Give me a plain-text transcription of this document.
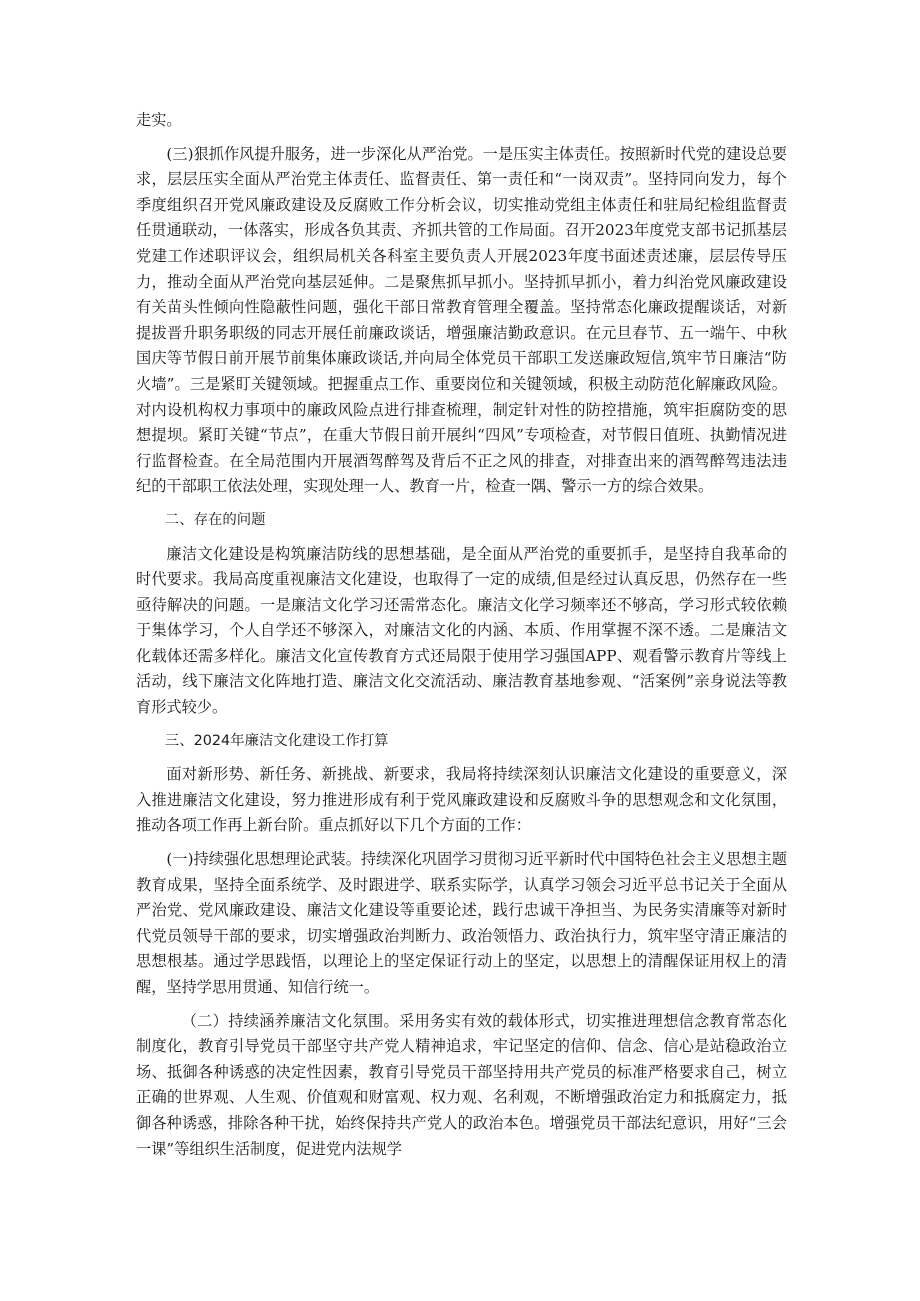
走实。

(三)狠抓作风提升服务，进一步深化从严治党。一是压实主体责任。按照新时代党的建设总要求，层层压实全面从严治党主体责任、监督责任、第一责任和“一岗双责”。坚持同向发力，每个季度组织召开党风廉政建设及反腐败工作分析会议，切实推动党组主体责任和驻局纪检组监督责任贯通联动，一体落实，形成各负其责、齐抓共管的工作局面。召开2023年度党支部书记抓基层党建工作述职评议会，组织局机关各科室主要负责人开展2023年度书面述责述廉，层层传导压力，推动全面从严治党向基层延伸。二是聚焦抓早抓小。坚持抓早抓小，着力纠治党风廉政建设有关苗头性倾向性隐蔽性问题，强化干部日常教育管理全覆盖。坚持常态化廉政提醒谈话，对新提拔晋升职务职级的同志开展任前廉政谈话，增强廉洁勤政意识。在元旦春节、五一端午、中秋国庆等节假日前开展节前集体廉政谈话,并向局全体党员干部职工发送廉政短信,筑牢节日廉洁“防火墙”。三是紧盯关键领域。把握重点工作、重要岗位和关键领域，积极主动防范化解廉政风险。对内设机构权力事项中的廉政风险点进行排查梳理，制定针对性的防控措施，筑牢拒腐防变的思想提坝。紧盯关键“节点”，在重大节假日前开展纠“四风”专项检查，对节假日值班、执勤情况进行监督检查。在全局范围内开展酒驾醉驾及背后不正之风的排查，对排查出来的酒驾醉驾违法违纪的干部职工依法处理，实现处理一人、教育一片，检查一隅、警示一方的综合效果。

二、存在的问题

廉洁文化建设是构筑廉洁防线的思想基础，是全面从严治党的重要抓手，是坚持自我革命的时代要求。我局高度重视廉洁文化建设，也取得了一定的成绩,但是经过认真反思，仍然存在一些亟待解决的问题。一是廉洁文化学习还需常态化。廉洁文化学习频率还不够高，学习形式较依赖于集体学习，个人自学还不够深入，对廉洁文化的内涵、本质、作用掌握不深不透。二是廉洁文化载体还需多样化。廉洁文化宣传教育方式还局限于使用学习强国APP、观看警示教育片等线上活动，线下廉洁文化阵地打造、廉洁文化交流活动、廉洁教育基地参观、“活案例”亲身说法等教育形式较少。

三、2024年廉洁文化建设工作打算

面对新形势、新任务、新挑战、新要求，我局将持续深刻认识廉洁文化建设的重要意义，深入推进廉洁文化建设，努力推进形成有利于党风廉政建设和反腐败斗争的思想观念和文化氛围，推动各项工作再上新台阶。重点抓好以下几个方面的工作：

(一)持续强化思想理论武装。持续深化巩固学习贯彻习近平新时代中国特色社会主义思想主题教育成果，坚持全面系统学、及时跟进学、联系实际学，认真学习领会习近平总书记关于全面从严治党、党风廉政建设、廉洁文化建设等重要论述，践行忠诚干净担当、为民务实清廉等对新时代党员领导干部的要求，切实增强政治判断力、政治领悟力、政治执行力，筑牢坚守清正廉洁的思想根基。通过学思践悟，以理论上的坚定保证行动上的坚定，以思想上的清醒保证用权上的清醒，坚持学思用贯通、知信行统一。

（二）持续涵养廉洁文化氛围。采用务实有效的载体形式，切实推进理想信念教育常态化制度化，教育引导党员干部坚守共产党人精神追求，牢记坚定的信仰、信念、信心是站稳政治立场、抵御各种诱惑的决定性因素，教育引导党员干部坚持用共产党员的标准严格要求自己，树立正确的世界观、人生观、价值观和财富观、权力观、名利观，不断增强政治定力和抵腐定力，抵御各种诱惑，排除各种干扰，始终保持共产党人的政治本色。增强党员干部法纪意识，用好“三会一课”等组织生活制度，促进党内法规学
